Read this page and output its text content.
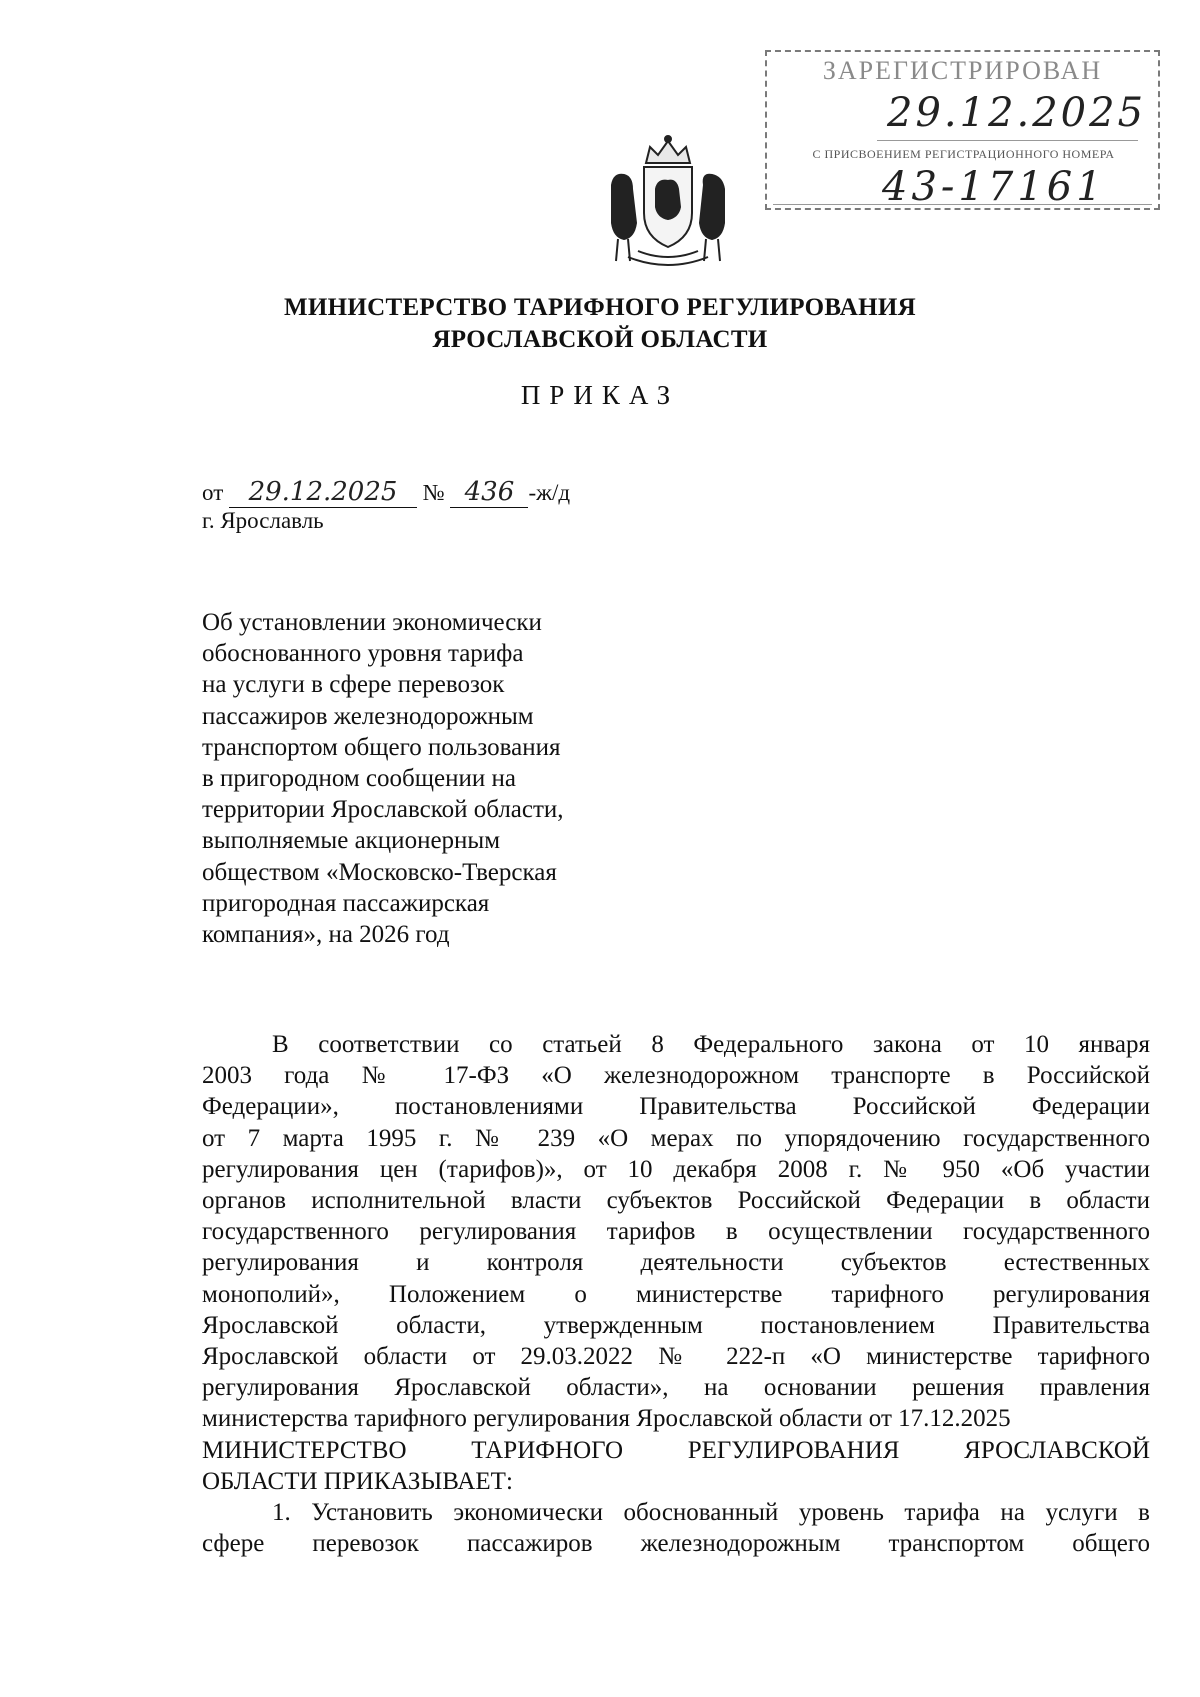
ЗАРЕГИСТРИРОВАН
29.12.2025
С ПРИСВОЕНИЕМ РЕГИСТРАЦИОННОГО НОМЕРА
43-17161
МИНИСТЕРСТВО ТАРИФНОГО РЕГУЛИРОВАНИЯ
ЯРОСЛАВСКОЙ ОБЛАСТИ
ПРИКАЗ
от 29.12.2025 № 436 -ж/д
г. Ярославль
Об установлении экономически
обоснованного уровня тарифа
на услуги в сфере перевозок
пассажиров железнодорожным
транспортом общего пользования
в пригородном сообщении на
территории Ярославской области,
выполняемые акционерным
обществом «Московско-Тверская
пригородная пассажирская
компания», на 2026 год
В соответствии со статьей 8 Федерального закона от 10 января
2003 года № 17-ФЗ «О железнодорожном транспорте в Российской
Федерации», постановлениями Правительства Российской Федерации
от 7 марта 1995 г. № 239 «О мерах по упорядочению государственного
регулирования цен (тарифов)», от 10 декабря 2008 г. № 950 «Об участии
органов исполнительной власти субъектов Российской Федерации в области
государственного регулирования тарифов в осуществлении государственного
регулирования и контроля деятельности субъектов естественных
монополий», Положением о министерстве тарифного регулирования
Ярославской области, утвержденным постановлением Правительства
Ярославской области от 29.03.2022 № 222-п «О министерстве тарифного
регулирования Ярославской области», на основании решения правления
министерства тарифного регулирования Ярославской области от 17.12.2025
МИНИСТЕРСТВО ТАРИФНОГО РЕГУЛИРОВАНИЯ ЯРОСЛАВСКОЙ
ОБЛАСТИ ПРИКАЗЫВАЕТ:
1. Установить экономически обоснованный уровень тарифа на услуги в
сфере перевозок пассажиров железнодорожным транспортом общего
